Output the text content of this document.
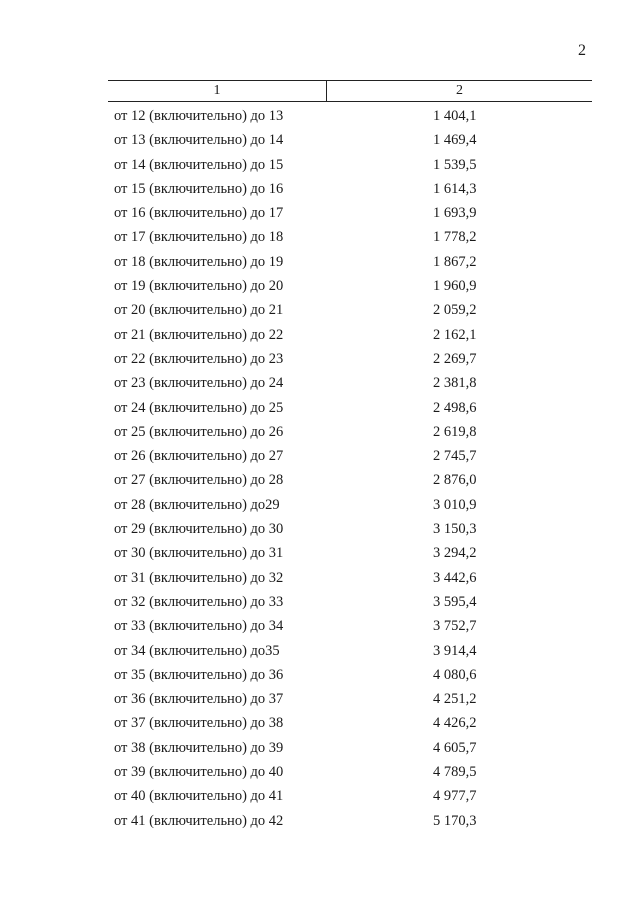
2
1	2
от 12 (включительно) до 13	1 404,1
от 13 (включительно) до 14	1 469,4
от 14 (включительно) до 15	1 539,5
от 15 (включительно) до 16	1 614,3
от 16 (включительно) до 17	1 693,9
от 17 (включительно) до 18	1 778,2
от 18 (включительно) до 19	1 867,2
от 19 (включительно) до 20	1 960,9
от 20 (включительно) до 21	2 059,2
от 21 (включительно) до 22	2 162,1
от 22 (включительно) до 23	2 269,7
от 23 (включительно) до 24	2 381,8
от 24 (включительно) до 25	2 498,6
от 25 (включительно) до 26	2 619,8
от 26 (включительно) до 27	2 745,7
от 27 (включительно) до 28	2 876,0
от 28 (включительно) до29	3 010,9
от 29 (включительно) до 30	3 150,3
от 30 (включительно) до 31	3 294,2
от 31 (включительно) до 32	3 442,6
от 32 (включительно) до 33	3 595,4
от 33 (включительно) до 34	3 752,7
от 34 (включительно) до35	3 914,4
от 35 (включительно) до 36	4 080,6
от 36 (включительно) до 37	4 251,2
от 37 (включительно) до 38	4 426,2
от 38 (включительно) до 39	4 605,7
от 39 (включительно) до 40	4 789,5
от 40 (включительно) до 41	4 977,7
от 41 (включительно) до 42	5 170,3
